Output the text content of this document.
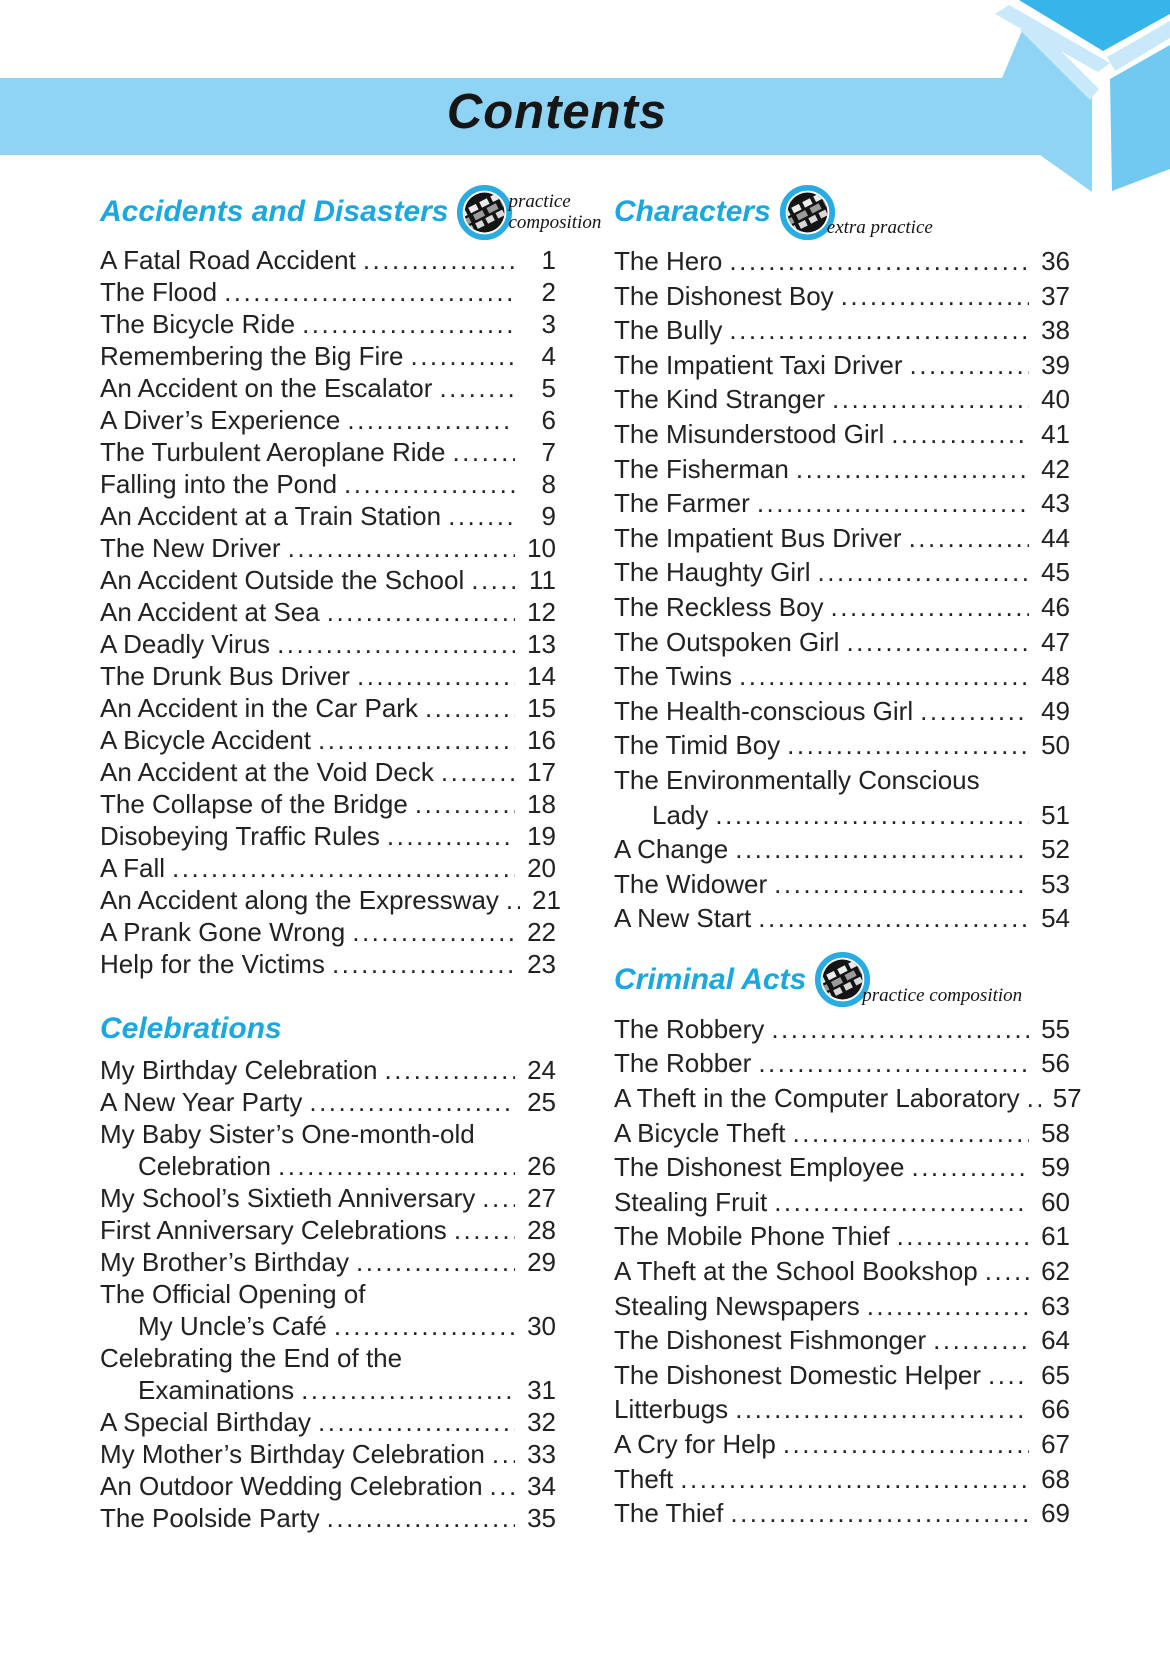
Contents
Accidents and Disasters	practice
composition
A Fatal Road Accident .....	1
The Flood .....	2
The Bicycle Ride .....	3
Remembering the Big Fire .....	4
An Accident on the Escalator .....	5
A Diver’s Experience .....	6
The Turbulent Aeroplane Ride .....	7
Falling into the Pond .....	8
An Accident at a Train Station .....	9
The New Driver .....	10
An Accident Outside the School ..... 11
An Accident at Sea .....	12
A Deadly Virus .....	13
The Drunk Bus Driver .....	14
An Accident in the Car Park .....	15
A Bicycle Accident .....	16
An Accident at the Void Deck .....	17
The Collapse of the Bridge .....	18
Disobeying Traffic Rules .....	19
A Fall .....	20
An Accident along the Expressway ..... 21
A Prank Gone Wrong .....	22
Help for the Victims .....	23
Celebrations
My Birthday Celebration .....	24
A New Year Party .....	25
My Baby Sister’s One-month-old
Celebration .....	26
My School’s Sixtieth Anniversary ..... 27
First Anniversary Celebrations .....	28
My Brother’s Birthday .....	29
The Official Opening of
My Uncle’s Café .....	30
Celebrating the End of the
Examinations .....	31
A Special Birthday .....	32
My Mother’s Birthday Celebration ..... 33
An Outdoor Wedding Celebration ..... 34
The Poolside Party .....	35
Characters	extra practice
The Hero .....	36
The Dishonest Boy .....	37
The Bully .....	38
The Impatient Taxi Driver .....	39
The Kind Stranger .....	40
The Misunderstood Girl .....	41
The Fisherman .....	42
The Farmer .....	43
The Impatient Bus Driver .....	44
The Haughty Girl .....	45
The Reckless Boy .....	46
The Outspoken Girl .....	47
The Twins .....	48
The Health-conscious Girl .....	49
The Timid Boy .....	50
The Environmentally Conscious
Lady .....	51
A Change .....	52
The Widower .....	53
A New Start .....	54
Criminal Acts	practice composition
The Robbery .....	55
The Robber .....	56
A Theft in the Computer Laboratory ..... 57
A Bicycle Theft .....	58
The Dishonest Employee .....	59
Stealing Fruit .....	60
The Mobile Phone Thief .....	61
A Theft at the School Bookshop ..... 62
Stealing Newspapers .....	63
The Dishonest Fishmonger .....	64
The Dishonest Domestic Helper ..... 65
Litterbugs .....	66
A Cry for Help .....	67
Theft .....	68
The Thief .....	69
